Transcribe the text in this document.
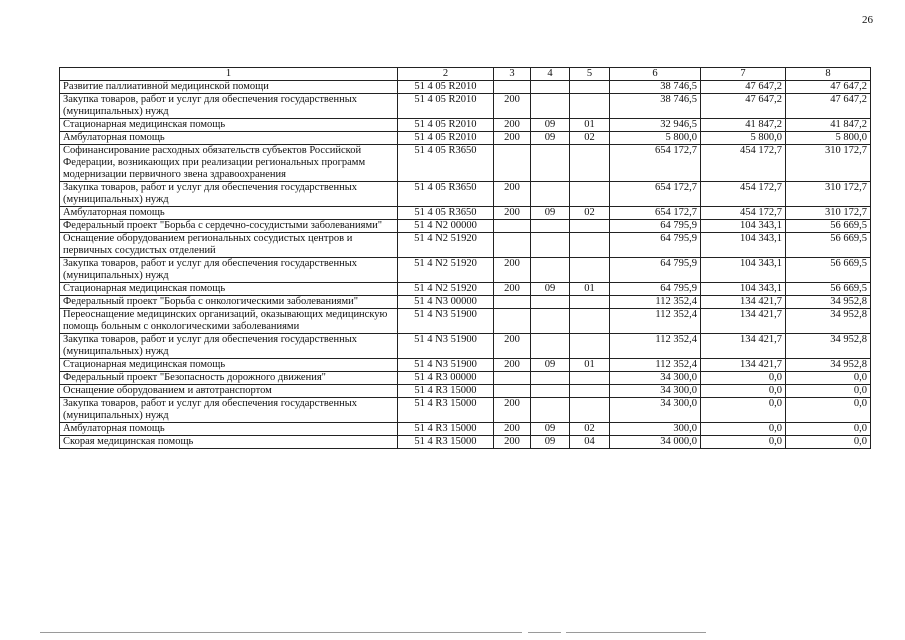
26
1	2	3	4	5	6	7	8
Развитие паллиативной медицинской помощи	51 4 05 R2010				38 746,5	47 647,2	47 647,2
Закупка товаров, работ и услуг для обеспечения государственных (муниципальных) нужд	51 4 05 R2010	200			38 746,5	47 647,2	47 647,2
Стационарная медицинская помощь	51 4 05 R2010	200	09	01	32 946,5	41 847,2	41 847,2
Амбулаторная помощь	51 4 05 R2010	200	09	02	5 800,0	5 800,0	5 800,0
Софинансирование расходных обязательств субъектов Российской Федерации, возникающих при реализации региональных программ модернизации первичного звена здравоохранения	51 4 05 R3650				654 172,7	454 172,7	310 172,7
Закупка товаров, работ и услуг для обеспечения государственных (муниципальных) нужд	51 4 05 R3650	200			654 172,7	454 172,7	310 172,7
Амбулаторная помощь	51 4 05 R3650	200	09	02	654 172,7	454 172,7	310 172,7
Федеральный проект "Борьба с сердечно-сосудистыми заболеваниями"	51 4 N2 00000				64 795,9	104 343,1	56 669,5
Оснащение оборудованием региональных сосудистых центров и первичных сосудистых отделений	51 4 N2 51920				64 795,9	104 343,1	56 669,5
Закупка товаров, работ и услуг для обеспечения государственных (муниципальных) нужд	51 4 N2 51920	200			64 795,9	104 343,1	56 669,5
Стационарная медицинская помощь	51 4 N2 51920	200	09	01	64 795,9	104 343,1	56 669,5
Федеральный проект "Борьба с онкологическими заболеваниями"	51 4 N3 00000				112 352,4	134 421,7	34 952,8
Переоснащение медицинских организаций, оказывающих медицинскую помощь больным с онкологическими заболеваниями	51 4 N3 51900				112 352,4	134 421,7	34 952,8
Закупка товаров, работ и услуг для обеспечения государственных (муниципальных) нужд	51 4 N3 51900	200			112 352,4	134 421,7	34 952,8
Стационарная медицинская помощь	51 4 N3 51900	200	09	01	112 352,4	134 421,7	34 952,8
Федеральный проект "Безопасность дорожного движения"	51 4 R3 00000				34 300,0	0,0	0,0
Оснащение оборудованием и автотранспортом	51 4 R3 15000				34 300,0	0,0	0,0
Закупка товаров, работ и услуг для обеспечения государственных (муниципальных) нужд	51 4 R3 15000	200			34 300,0	0,0	0,0
Амбулаторная помощь	51 4 R3 15000	200	09	02	300,0	0,0	0,0
Скорая медицинская помощь	51 4 R3 15000	200	09	04	34 000,0	0,0	0,0
